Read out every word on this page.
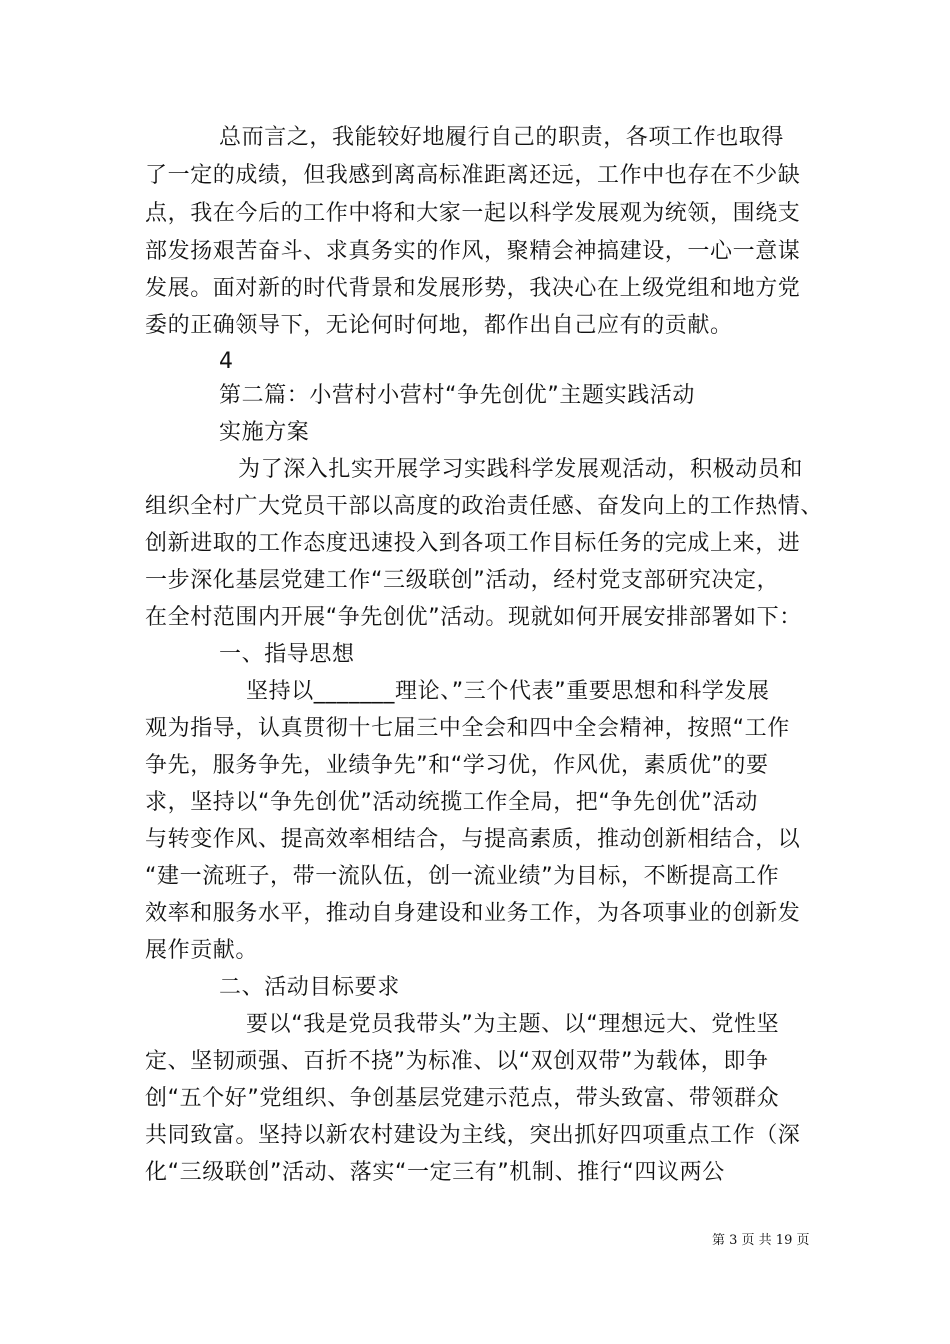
总而言之，我能较好地履行自己的职责，各项工作也取得
了一定的成绩，但我感到离高标准距离还远，工作中也存在不少缺
点，我在今后的工作中将和大家一起以科学发展观为统领，围绕支
部发扬艰苦奋斗、求真务实的作风，聚精会神搞建设，一心一意谋
发展。面对新的时代背景和发展形势，我决心在上级党组和地方党
委的正确领导下，无论何时何地，都作出自己应有的贡献。
4
第二篇：小营村小营村“争先创优”主题实践活动
实施方案
为了深入扎实开展学习实践科学发展观活动，积极动员和
组织全村广大党员干部以高度的政治责任感、奋发向上的工作热情、
创新进取的工作态度迅速投入到各项工作目标任务的完成上来，进
一步深化基层党建工作“三级联创”活动，经村党支部研究决定，
在全村范围内开展“争先创优”活动。现就如何开展安排部署如下：
一、指导思想
坚持以_______理论、”三个代表”重要思想和科学发展
观为指导，认真贯彻十七届三中全会和四中全会精神，按照“工作
争先，服务争先，业绩争先”和“学习优，作风优，素质优”的要
求，坚持以“争先创优”活动统揽工作全局，把“争先创优”活动
与转变作风、提高效率相结合，与提高素质，推动创新相结合，以
“建一流班子，带一流队伍，创一流业绩”为目标，不断提高工作
效率和服务水平，推动自身建设和业务工作，为各项事业的创新发
展作贡献。
二、活动目标要求
要以“我是党员我带头”为主题、以“理想远大、党性坚
定、坚韧顽强、百折不挠”为标准、以“双创双带”为载体，即争
创“五个好”党组织、争创基层党建示范点，带头致富、带领群众
共同致富。坚持以新农村建设为主线，突出抓好四项重点工作（深
化“三级联创”活动、落实“一定三有”机制、推行“四议两公
第 3 页 共 19 页
